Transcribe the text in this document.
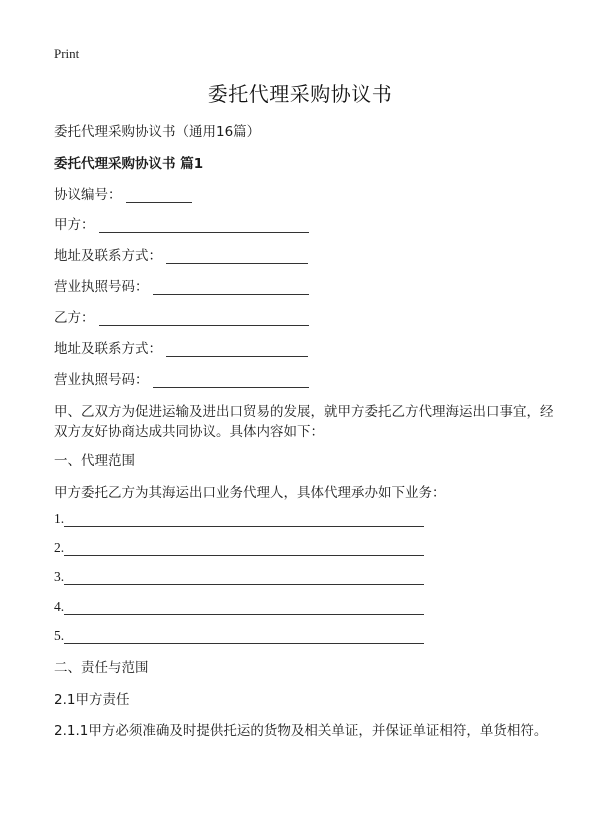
Print
委托代理采购协议书
委托代理采购协议书（通用16篇）
委托代理采购协议书 篇1
协议编号：
甲方：
地址及联系方式：
营业执照号码：
乙方：
地址及联系方式：
营业执照号码：
甲、乙双方为促进运输及进出口贸易的发展，就甲方委托乙方代理海运出口事宜，经双方友好协商达成共同协议。具体内容如下：
一、代理范围
甲方委托乙方为其海运出口业务代理人，具体代理承办如下业务：
1.
2.
3.
4.
5.
二、责任与范围
2.1甲方责任
2.1.1甲方必须准确及时提供托运的货物及相关单证，并保证单证相符，单货相符。
